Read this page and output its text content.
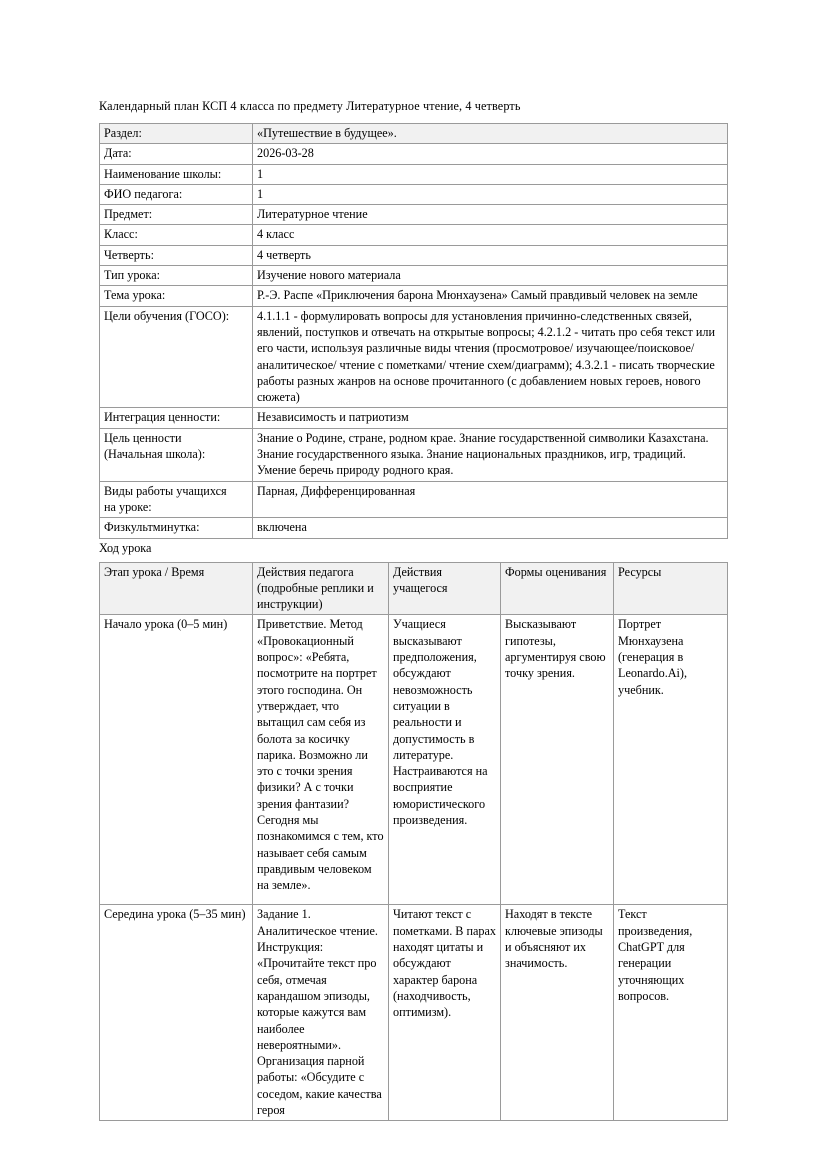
Календарный план КСП 4 класса по предмету Литературное чтение, 4 четверть

Раздел:	«Путешествие в будущее».
Дата:	2026-03-28
Наименование школы:	1
ФИО педагога:	1
Предмет:	Литературное чтение
Класс:	4 класс
Четверть:	4 четверть
Тип урока:	Изучение нового материала
Тема урока:	Р.-Э. Распе «Приключения барона Мюнхаузена» Самый правдивый человек на земле
Цели обучения (ГОСО):	4.1.1.1 - формулировать вопросы для установления причинно-следственных связей, явлений, поступков и отвечать на открытые вопросы; 4.2.1.2 - читать про себя текст или его части, используя различные виды чтения (просмотровое/ изучающее/поисковое/ аналитическое/ чтение с пометками/ чтение схем/диаграмм); 4.3.2.1 - писать творческие работы разных жанров на основе прочитанного (с добавлением новых героев, нового сюжета)
Интеграция ценности:	Независимость и патриотизм

Цель ценности
(Начальная школа):	Знание о Родине, стране, родном крае. Знание государственной символики Казахстана. Знание государственного языка. Знание национальных праздников, игр, традиций. Умение беречь природу родного края.

Виды работы учащихся
на уроке:	Парная, Дифференцированная

Физкультминутка:	включена

Ход урока

Этап урока / Время	Действия педагога (подробные реплики и инструкции)	Действия учащегося	Формы оценивания	Ресурсы
Начало урока (0–5 мин)	Приветствие. Метод «Провокационный вопрос»: «Ребята, посмотрите на портрет этого господина. Он утверждает, что вытащил сам себя из болота за косичку парика. Возможно ли это с точки зрения физики? А с точки зрения фантазии? Сегодня мы познакомимся с тем, кто называет себя самым правдивым человеком на земле».	Учащиеся высказывают предположения, обсуждают невозможность ситуации в реальности и допустимость в литературе. Настраиваются на восприятие юмористического произведения.	Высказывают гипотезы, аргументируя свою точку зрения.	Портрет Мюнхаузена (генерация в Leonardo.Ai), учебник.
Середина урока (5–35 мин)	Задание 1. Аналитическое чтение. Инструкция: «Прочитайте текст про себя, отмечая карандашом эпизоды, которые кажутся вам наиболее невероятными». Организация парной работы: «Обсудите с соседом, какие качества героя	Читают текст с пометками. В парах находят цитаты и обсуждают характер барона (находчивость, оптимизм).	Находят в тексте ключевые эпизоды и объясняют их значимость.	Текст произведения, ChatGPT для генерации уточняющих вопросов.
